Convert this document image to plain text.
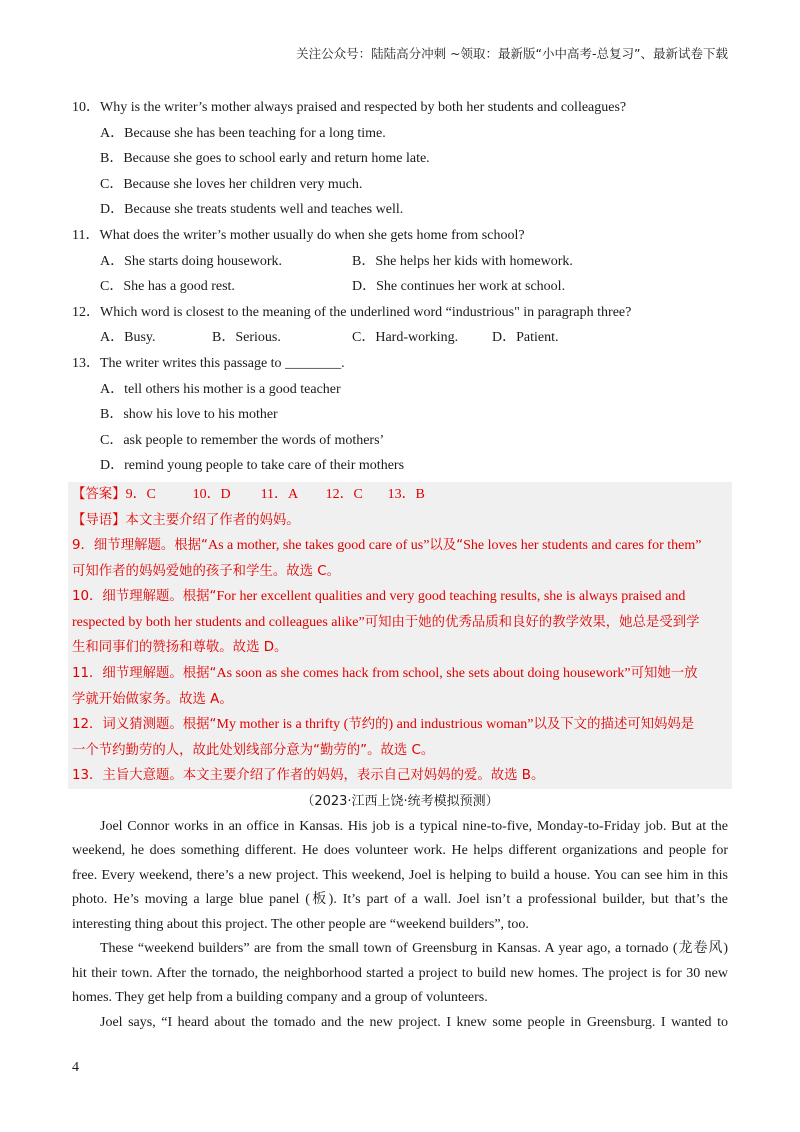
关注公众号：陆陆高分冲刺 ~领取：最新版“小中高考-总复习”、最新试卷下载
10．Why is the writer’s mother always praised and respected by both her students and colleagues?
A．Because she has been teaching for a long time.
B．Because she goes to school early and return home late.
C．Because she loves her children very much.
D．Because she treats students well and teaches well.
11．What does the writer’s mother usually do when she gets home from school?
A．She starts doing housework.	B．She helps her kids with homework.
C．She has a good rest.	D．She continues her work at school.
12．Which word is closest to the meaning of the underlined word “industrious" in paragraph three?
A．Busy.	B．Serious.	C．Hard-working. D．Patient.
13．The writer writes this passage to ________.
A．tell others his mother is a good teacher
B．show his love to his mother
C．ask people to remember the words of mothers’
D．remind young people to take care of their mothers
【答案】9．C	10．D 11．A 12．C 13．B
【导语】本文主要介绍了作者的妈妈。
9．细节理解题。根据“As a mother, she takes good care of us”以及“She loves her students and cares for them”
可知作者的妈妈爱她的孩子和学生。故选 C。
10．细节理解题。根据“For her excellent qualities and very good teaching results, she is always praised and
respected by both her students and colleagues alike”可知由于她的优秀品质和良好的教学效果，她总是受到学
生和同事们的赞扬和尊敬。故选 D。
11．细节理解题。根据“As soon as she comes hack from school, she sets about doing housework”可知她一放
学就开始做家务。故选 A。
12．词义猜测题。根据“My mother is a thrifty (节约的) and industrious woman”以及下文的描述可知妈妈是
一个节约勤劳的人，故此处划线部分意为“勤劳的”。故选 C。
13．主旨大意题。本文主要介绍了作者的妈妈，表示自己对妈妈的爱。故选 B。
（2023·江西上饶·统考模拟预测）

Joel Connor works in an office in Kansas. His job is a typical nine-to-five, Monday-to-Friday job. But at the
weekend, he does something different. He does volunteer work. He helps different organizations and people for
free. Every weekend, there’s a new project. This weekend, Joel is helping to build a house. You can see him in this
photo. He’s moving a large blue panel (板). It’s part of a wall. Joel isn’t a professional builder, but that’s the
interesting thing about this project. The other people are “weekend builders”, too.

These “weekend builders” are from the small town of Greensburg in Kansas. A year ago, a tornado (龙卷风)
hit their town. After the tornado, the neighborhood started a project to build new homes. The project is for 30 new
homes. They get help from a building company and a group of volunteers.

Joel says, “I heard about the tomado and the new project. I knew some people in Greensburg. I wanted to

4
